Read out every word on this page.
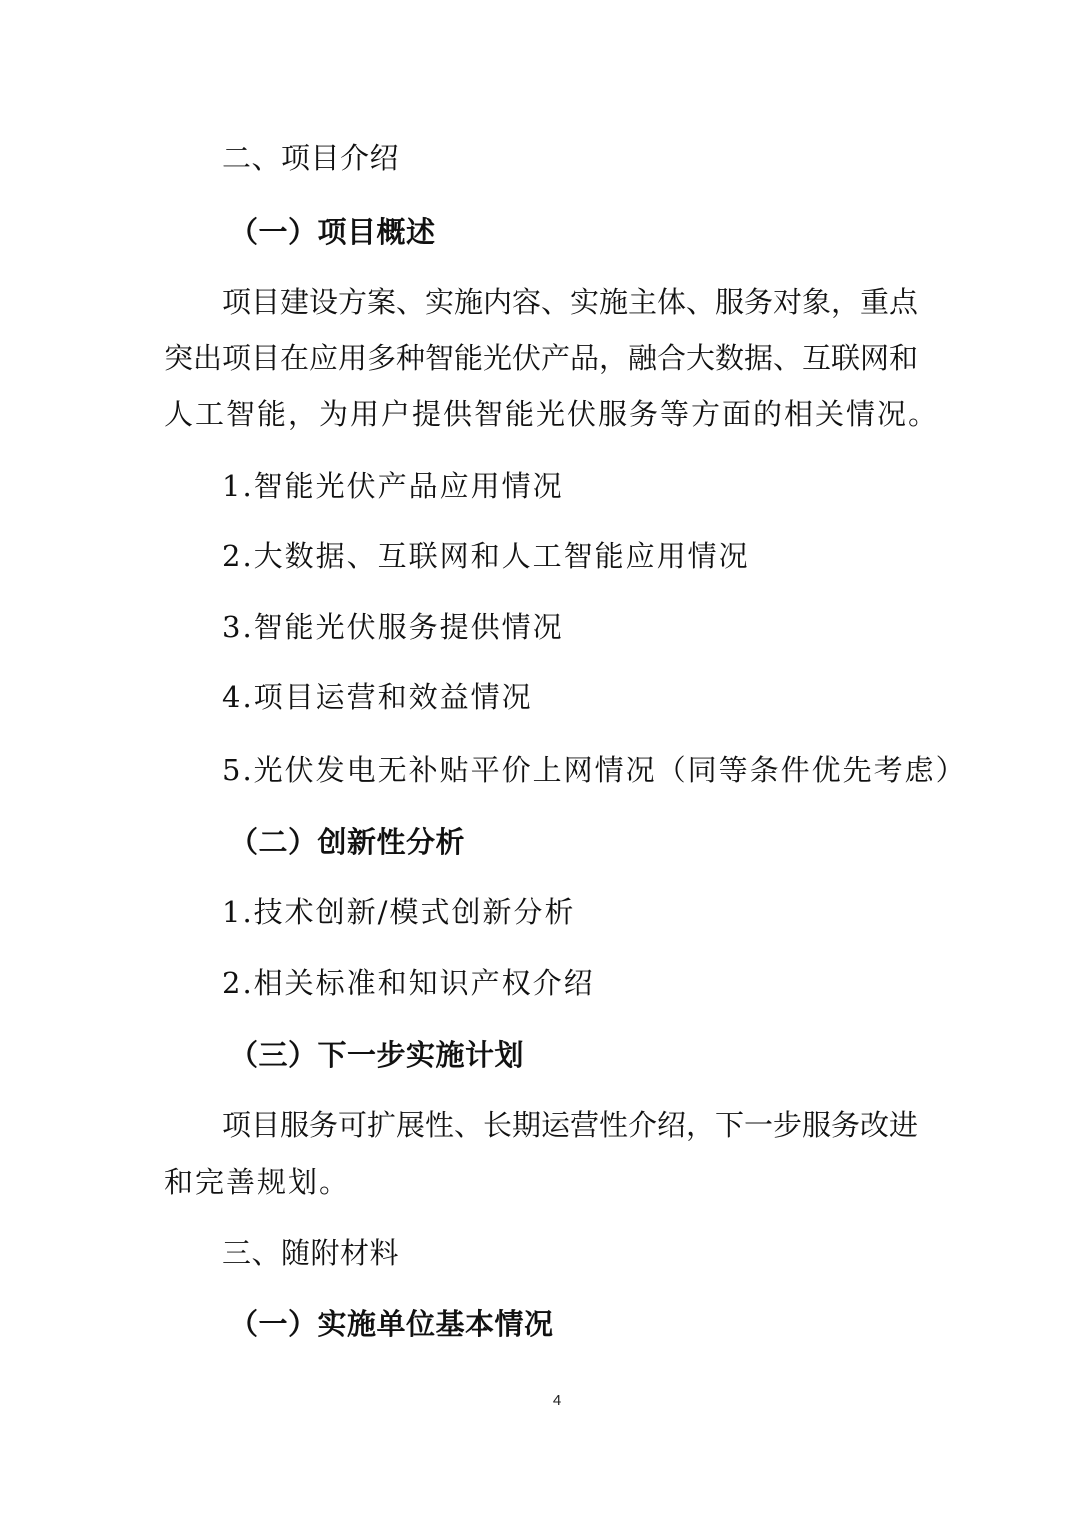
二、项目介绍
（一）项目概述
项目建设方案、实施内容、实施主体、服务对象，重点
突出项目在应用多种智能光伏产品，融合大数据、互联网和
人工智能，为用户提供智能光伏服务等方面的相关情况。
1.智能光伏产品应用情况
2.大数据、互联网和人工智能应用情况
3.智能光伏服务提供情况
4.项目运营和效益情况
5.光伏发电无补贴平价上网情况（同等条件优先考虑）
（二）创新性分析
1.技术创新/模式创新分析
2.相关标准和知识产权介绍
（三）下一步实施计划
项目服务可扩展性、长期运营性介绍，下一步服务改进
和完善规划。
三、随附材料
（一）实施单位基本情况
4
